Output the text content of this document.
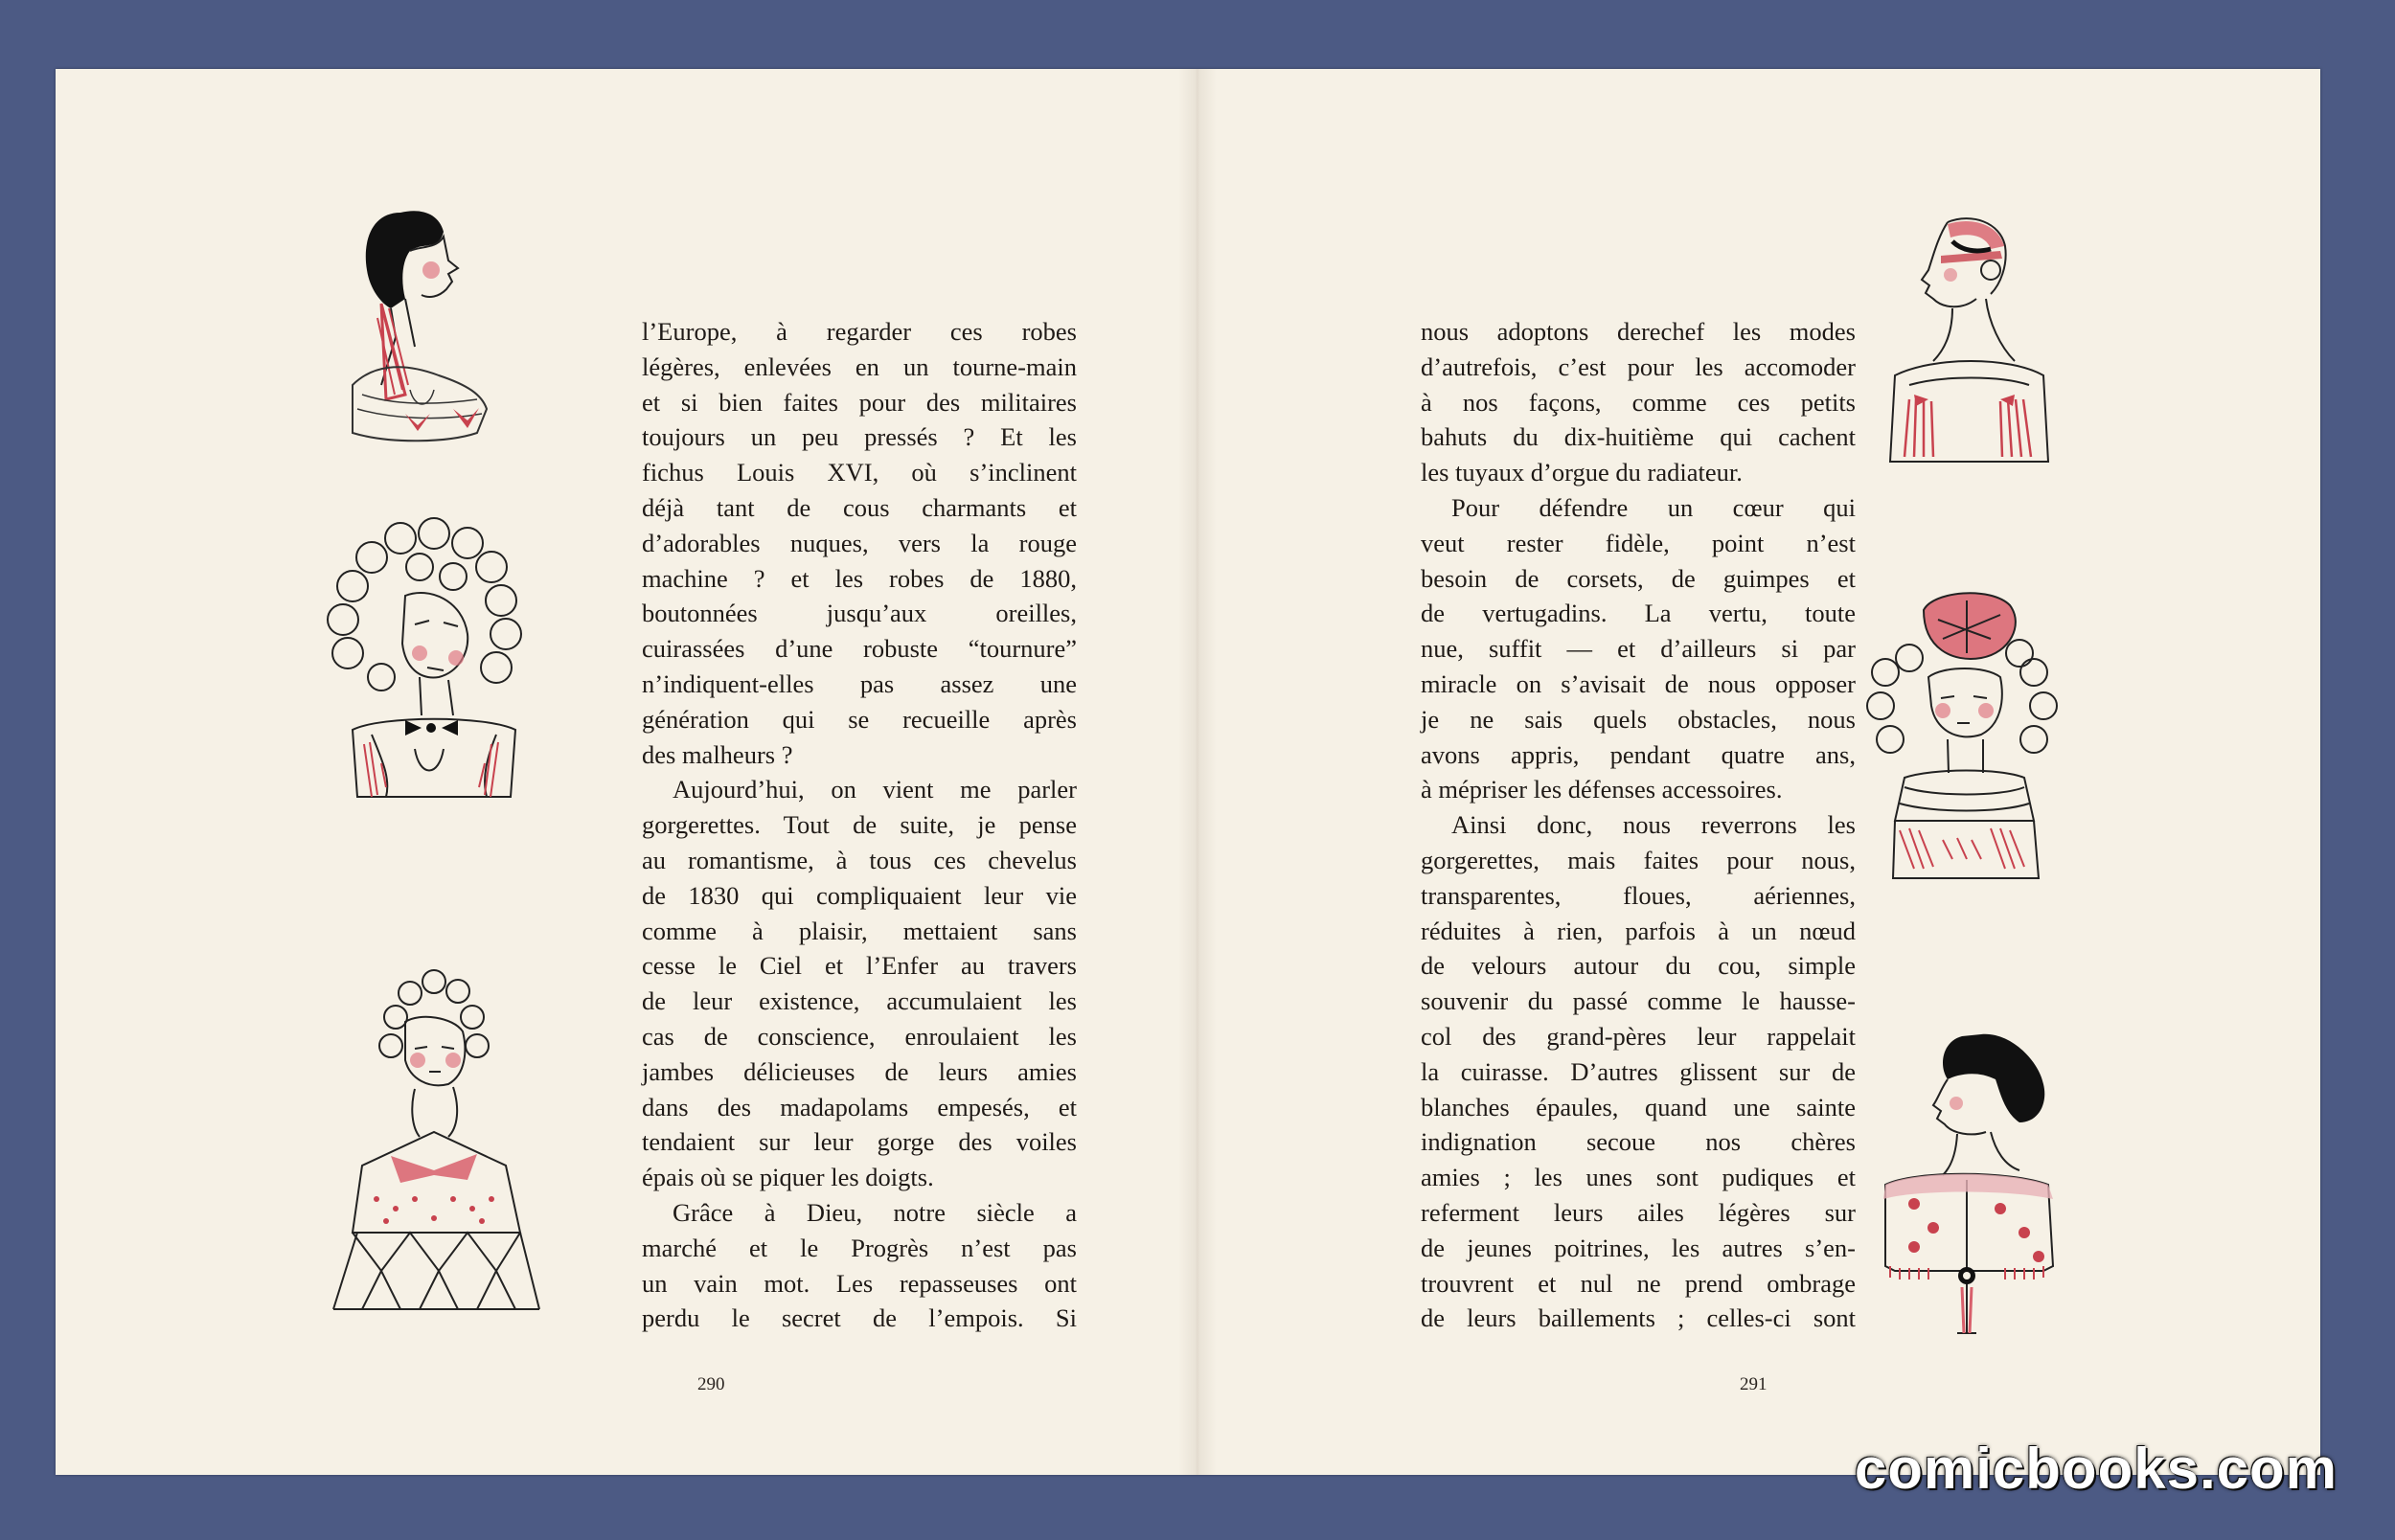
l’Europe, à regarder ces robes
légères, enlevées en un tourne-main
et si bien faites pour des militaires
toujours un peu pressés ? Et les
fichus Louis XVI, où s’inclinent
déjà tant de cous charmants et
d’adorables nuques, vers la rouge
machine ? et les robes de 1880,
boutonnées jusqu’aux oreilles,
cuirassées d’une robuste “tournure”
n’indiquent-elles pas assez une
génération qui se recueille après
des malheurs ?
Aujourd’hui, on vient me parler
gorgerettes. Tout de suite, je pense
au romantisme, à tous ces chevelus
de 1830 qui compliquaient leur vie
comme à plaisir, mettaient sans
cesse le Ciel et l’Enfer au travers
de leur existence, accumulaient les
cas de conscience, enroulaient les
jambes délicieuses de leurs amies
dans des madapolams empesés, et
tendaient sur leur gorge des voiles
épais où se piquer les doigts.
Grâce à Dieu, notre siècle a
marché et le Progrès n’est pas
un vain mot. Les repasseuses ont
perdu le secret de l’empois. Si
nous adoptons derechef les modes
d’autrefois, c’est pour les accomoder
à nos façons, comme ces petits
bahuts du dix-huitième qui cachent
les tuyaux d’orgue du radiateur.
Pour défendre un cœur qui
veut rester fidèle, point n’est
besoin de corsets, de guimpes et
de vertugadins. La vertu, toute
nue, suffit — et d’ailleurs si par
miracle on s’avisait de nous opposer
je ne sais quels obstacles, nous
avons appris, pendant quatre ans,
à mépriser les défenses accessoires.
Ainsi donc, nous reverrons les
gorgerettes, mais faites pour nous,
transparentes, floues, aériennes,
réduites à rien, parfois à un nœud
de velours autour du cou, simple
souvenir du passé comme le hausse-
col des grand-pères leur rappelait
la cuirasse. D’autres glissent sur de
blanches épaules, quand une sainte
indignation secoue nos chères
amies ; les unes sont pudiques et
referment leurs ailes légères sur
de jeunes poitrines, les autres s’en-
trouvrent et nul ne prend ombrage
de leurs baillements ; celles-ci sont
290	291
comicbooks.com
